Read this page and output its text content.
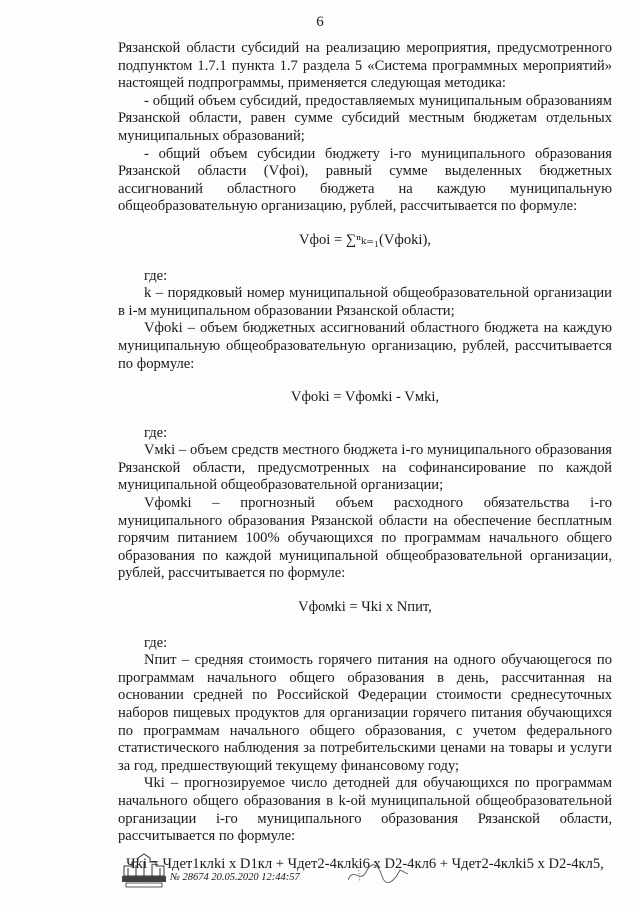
6

Рязанской области субсидий на реализацию мероприятия, предусмотренного подпунктом 1.7.1 пункта 1.7 раздела 5 «Система программных мероприятий» настоящей подпрограммы, применяется следующая методика:

- общий объем субсидий, предоставляемых муниципальным образованиям Рязанской области, равен сумме субсидий местным бюджетам отдельных муниципальных образований;

- общий объем субсидии бюджету i-го муниципального образования Рязанской области (Vфоi), равный сумме выделенных бюджетных ассигнований областного бюджета на каждую муниципальную общеобразовательную организацию, рублей, рассчитывается по формуле:

Vфоi = ∑ⁿₖ₌₁(Vфоki),

где:

k – порядковый номер муниципальной общеобразовательной организации в i-м муниципальном образовании Рязанской области;

Vфоki – объем бюджетных ассигнований областного бюджета на каждую муниципальную общеобразовательную организацию, рублей, рассчитывается по формуле:

Vфоki = Vфомki - Vмki,

где:

Vмki – объем средств местного бюджета i-го муниципального образования Рязанской области, предусмотренных на софинансирование по каждой муниципальной общеобразовательной организации;

Vфомki – прогнозный объем расходного обязательства i-го муниципального образования Рязанской области на обеспечение бесплатным горячим питанием 100% обучающихся по программам начального общего образования по каждой муниципальной общеобразовательной организации, рублей, рассчитывается по формуле:

Vфомki = Чki x Nпит,

где:

Nпит – средняя стоимость горячего питания на одного обучающегося по программам начального общего образования в день, рассчитанная на основании средней по Российской Федерации стоимости среднесуточных наборов пищевых продуктов для организации горячего питания обучающихся по программам начального общего образования, с учетом федерального статистического наблюдения за потребительскими ценами на товары и услуги за год, предшествующий текущему финансовому году;

Чki – прогнозируемое число детодней для обучающихся по программам начального общего образования в k-ой муниципальной общеобразовательной организации i-го муниципального образования Рязанской области, рассчитывается по формуле:

Чki = Чдет1клki x D1кл + Чдет2-4клki6 x D2-4кл6 + Чдет2-4клki5 x D2-4кл5,
ПРАВИТЕЛЬСТВО № 28674 20.05.2020 12:44:57
